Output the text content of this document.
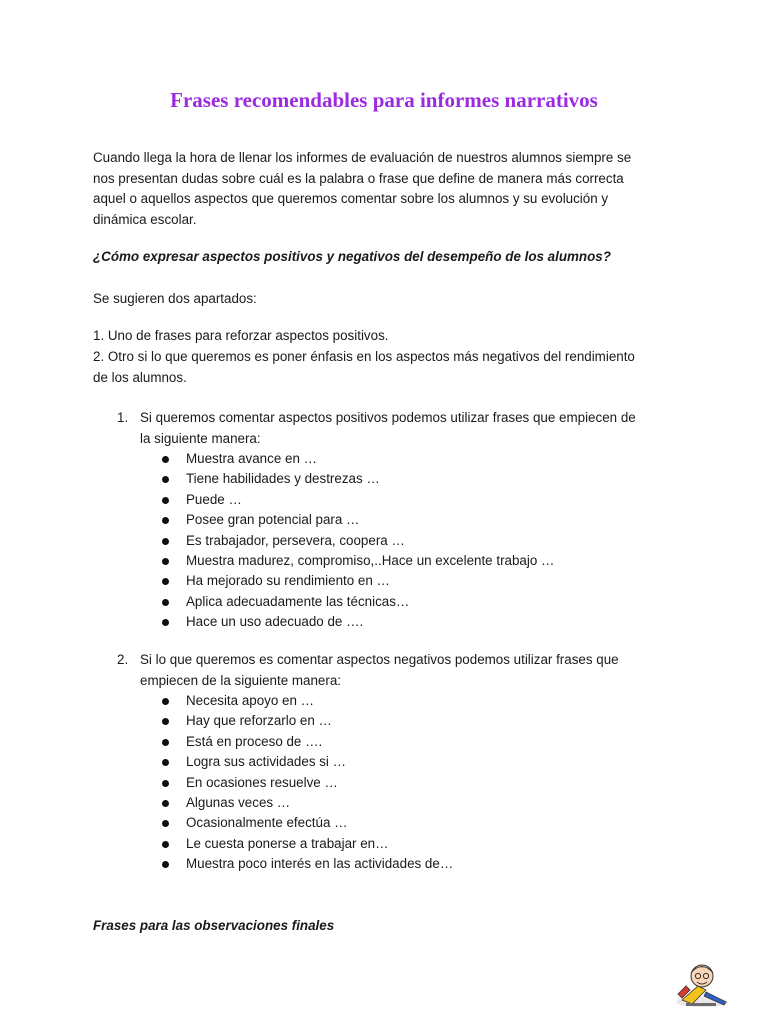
Frases recomendables para informes narrativos
Cuando llega la hora de llenar los informes de evaluación de nuestros alumnos siempre se
nos presentan dudas sobre cuál es la palabra o frase que define de manera más correcta
aquel o aquellos aspectos que queremos comentar sobre los alumnos y su evolución y
dinámica escolar.

¿Cómo expresar aspectos positivos y negativos del desempeño de los alumnos?

Se sugieren dos apartados:

1. Uno de frases para reforzar aspectos positivos.

2. Otro si lo que queremos es poner énfasis en los aspectos más negativos del rendimiento
de los alumnos.
1. Si queremos comentar aspectos positivos podemos utilizar frases que empiecen de
la siguiente manera:
Muestra avance en …
Tiene habilidades y destrezas …
Puede …
Posee gran potencial para …
Es trabajador, persevera, coopera …
Muestra madurez, compromiso,..Hace un excelente trabajo …
Ha mejorado su rendimiento en …
Aplica adecuadamente las técnicas…
Hace un uso adecuado de ….
2. Si lo que queremos es comentar aspectos negativos podemos utilizar frases que
empiecen de la siguiente manera:
Necesita apoyo en …
Hay que reforzarlo en …
Está en proceso de ….
Logra sus actividades si …
En ocasiones resuelve …
Algunas veces …
Ocasionalmente efectúa …
Le cuesta ponerse a trabajar en…
Muestra poco interés en las actividades de…

Frases para las observaciones finales
